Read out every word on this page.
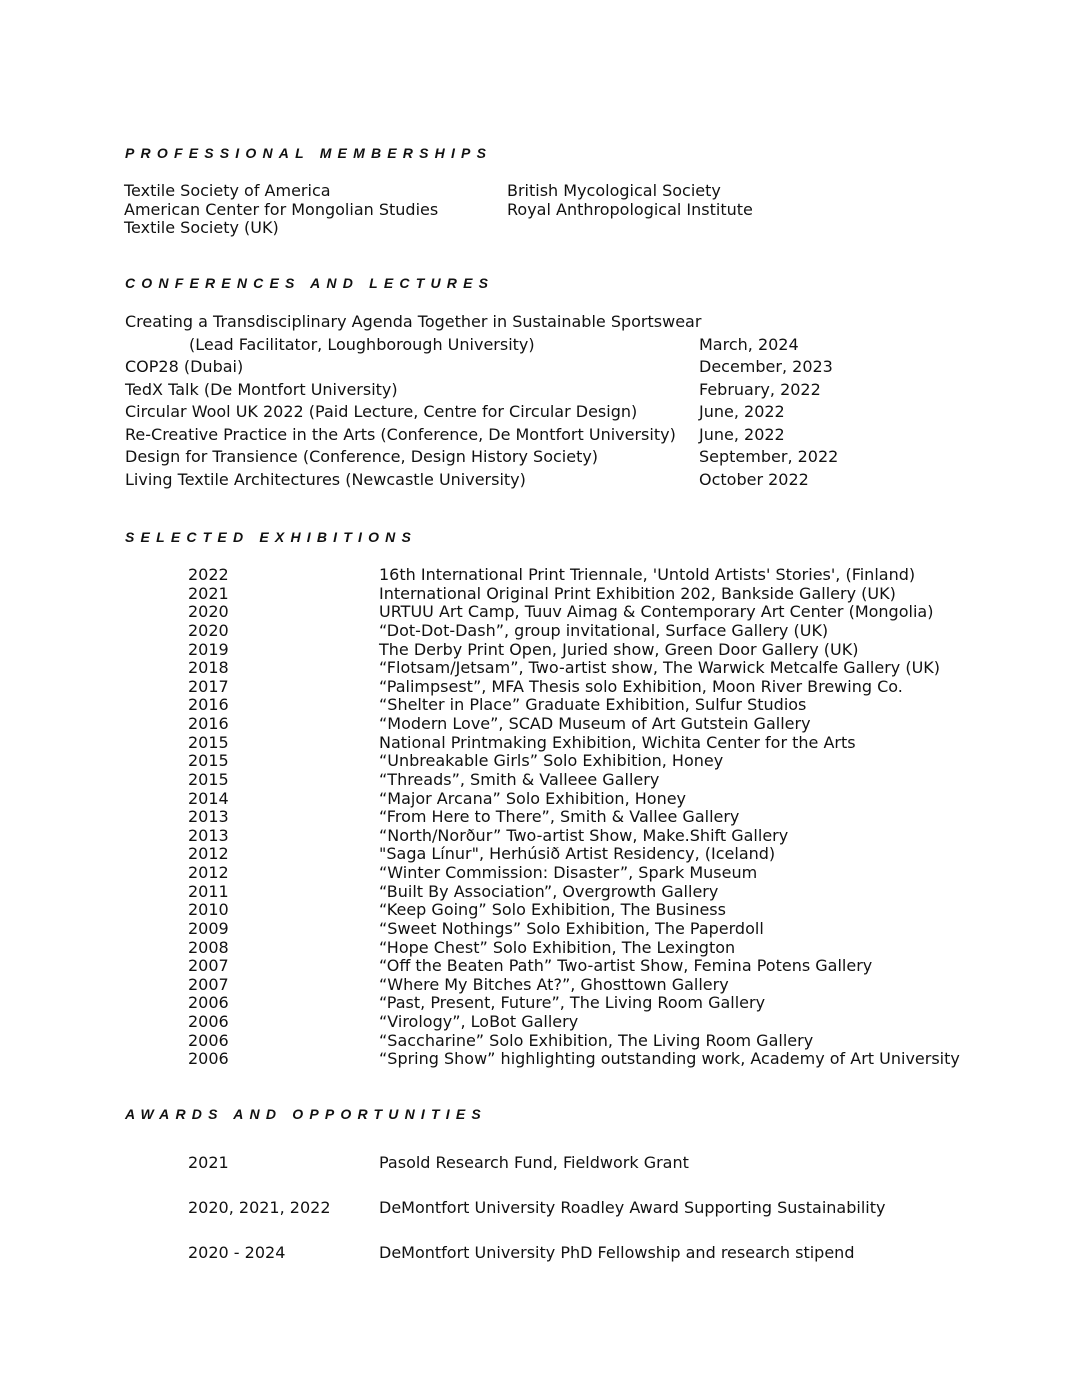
PROFESSIONAL MEMBERSHIPS
Textile Society of America
American Center for Mongolian Studies
Textile Society (UK)
British Mycological Society
Royal Anthropological Institute
CONFERENCES AND LECTURES
Creating a Transdisciplinary Agenda Together in Sustainable Sportswear
(Lead Facilitator, Loughborough University)	March, 2024
COP28 (Dubai)	December, 2023
TedX Talk (De Montfort University)	February, 2022
Circular Wool UK 2022 (Paid Lecture, Centre for Circular Design)	June, 2022
Re-Creative Practice in the Arts (Conference, De Montfort University) June, 2022
Design for Transience (Conference, Design History Society)	September, 2022
Living Textile Architectures (Newcastle University)	October 2022
SELECTED EXHIBITIONS
2022	16th International Print Triennale, 'Untold Artists' Stories', (Finland)
2021	International Original Print Exhibition 202, Bankside Gallery (UK)
2020	URTUU Art Camp, Tuuv Aimag & Contemporary Art Center (Mongolia)
2020	“Dot-Dot-Dash”, group invitational, Surface Gallery (UK)
2019	The Derby Print Open, Juried show, Green Door Gallery (UK)
2018	“Flotsam/Jetsam”, Two-artist show, The Warwick Metcalfe Gallery (UK)
2017	“Palimpsest”, MFA Thesis solo Exhibition, Moon River Brewing Co.
2016	“Shelter in Place” Graduate Exhibition, Sulfur Studios
2016	“Modern Love”, SCAD Museum of Art Gutstein Gallery
2015	National Printmaking Exhibition, Wichita Center for the Arts
2015	“Unbreakable Girls” Solo Exhibition, Honey
2015	“Threads”, Smith & Valleee Gallery
2014	“Major Arcana” Solo Exhibition, Honey
2013	“From Here to There”, Smith & Vallee Gallery
2013	“North/Norður” Two-artist Show, Make.Shift Gallery
2012	"Saga Línur", Herhúsið Artist Residency, (Iceland)
2012	“Winter Commission: Disaster”, Spark Museum
2011	“Built By Association”, Overgrowth Gallery
2010	“Keep Going” Solo Exhibition, The Business
2009	“Sweet Nothings” Solo Exhibition, The Paperdoll
2008	“Hope Chest” Solo Exhibition, The Lexington
2007	“Off the Beaten Path” Two-artist Show, Femina Potens Gallery
2007	“Where My Bitches At?”, Ghosttown Gallery
2006	“Past, Present, Future”, The Living Room Gallery
2006	“Virology”, LoBot Gallery
2006	“Saccharine” Solo Exhibition, The Living Room Gallery
2006	“Spring Show” highlighting outstanding work, Academy of Art University
AWARDS AND OPPORTUNITIES
2021	Pasold Research Fund, Fieldwork Grant
2020, 2021, 2022	DeMontfort University Roadley Award Supporting Sustainability
2020 - 2024	DeMontfort University PhD Fellowship and research stipend
